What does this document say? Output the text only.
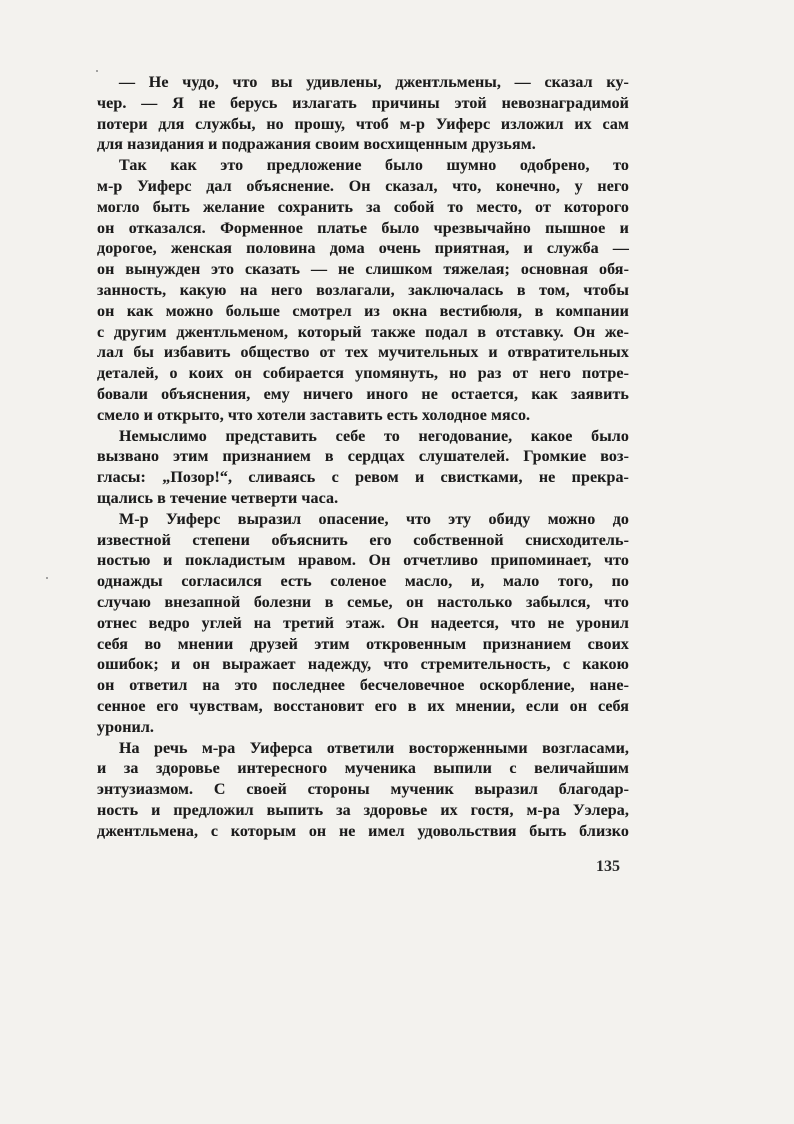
— Не чудо, что вы удивлены, джентльмены, — сказал ку-
чер. — Я не берусь излагать причины этой невознаградимой
потери для службы, но прошу, чтоб м-р Уиферс изложил их сам
для назидания и подражания своим восхищенным друзьям.
Так как это предложение было шумно одобрено, то
м-р Уиферс дал объяснение. Он сказал, что, конечно, у него
могло быть желание сохранить за собой то место, от которого
он отказался. Форменное платье было чрезвычайно пышное и
дорогое, женская половина дома очень приятная, и служба —
он вынужден это сказать — не слишком тяжелая; основная обя-
занность, какую на него возлагали, заключалась в том, чтобы
он как можно больше смотрел из окна вестибюля, в компании
с другим джентльменом, который также подал в отставку. Он же-
лал бы избавить общество от тех мучительных и отвратительных
деталей, о коих он собирается упомянуть, но раз от него потре-
бовали объяснения, ему ничего иного не остается, как заявить
смело и открыто, что хотели заставить есть холодное мясо.
Немыслимо представить себе то негодование, какое было
вызвано этим признанием в сердцах слушателей. Громкие воз-
гласы: „Позор!“, сливаясь с ревом и свистками, не прекра-
щались в течение четверти часа.
М-р Уиферс выразил опасение, что эту обиду можно до
известной степени объяснить его собственной снисходитель-
ностью и покладистым нравом. Он отчетливо припоминает, что
однажды согласился есть соленое масло, и, мало того, по
случаю внезапной болезни в семье, он настолько забылся, что
отнес ведро углей на третий этаж. Он надеется, что не уронил
себя во мнении друзей этим откровенным признанием своих
ошибок; и он выражает надежду, что стремительность, с какою
он ответил на это последнее бесчеловечное оскорбление, нане-
сенное его чувствам, восстановит его в их мнении, если он себя
уронил.
На речь м-ра Уиферса ответили восторженными возгласами,
и за здоровье интересного мученика выпили с величайшим
энтузиазмом. С своей стороны мученик выразил благодар-
ность и предложил выпить за здоровье их гостя, м-ра Уэлера,
джентльмена, с которым он не имел удовольствия быть близко
135
